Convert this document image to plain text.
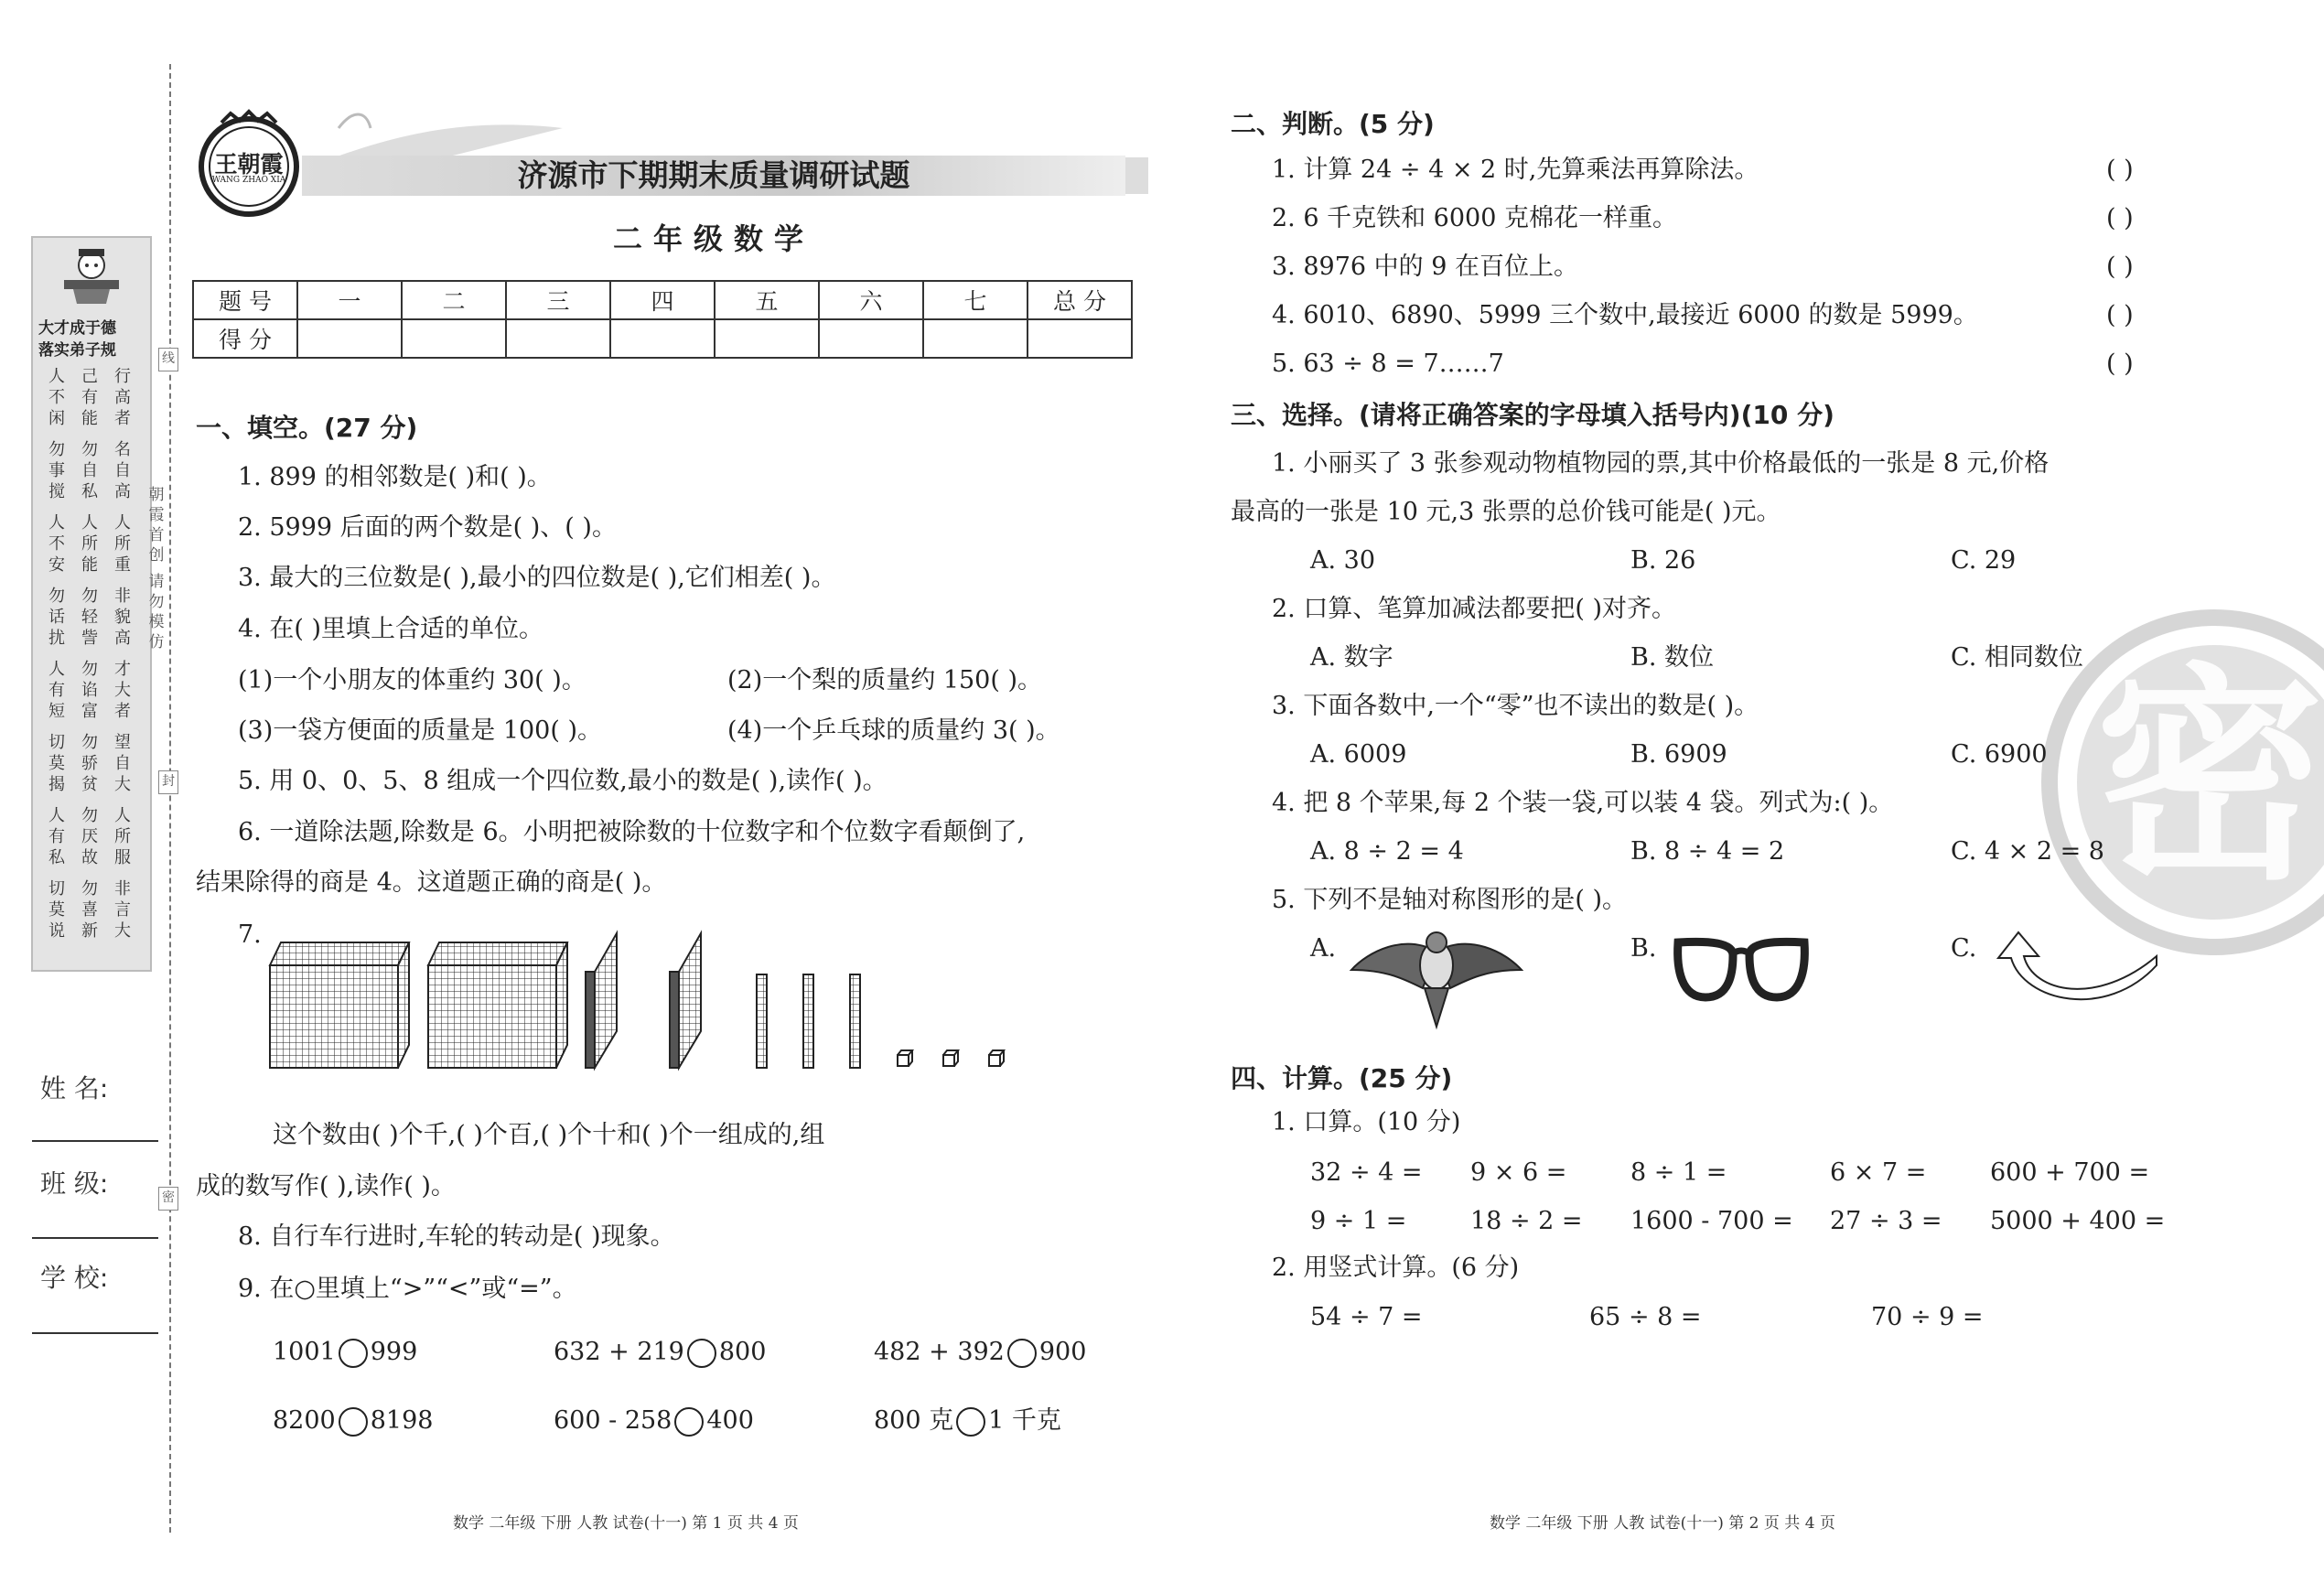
大才成于德
落实弟子规
行高者
己有能
人不闲
名自高
勿自私
勿事搅
人所重
人所能
人不安
非貌高
勿轻訾
勿话扰
才大者
勿谄富
人有短
望自大
勿骄贫
切莫揭
人所服
勿厌故
人有私
非言大
勿喜新
切莫说
朝霞首创
请勿模仿
线
封
密
姓 名:
班 级:
学 校:
王朝霞
WANG ZHAO XIA	济源市下期期末质量调研试题
二年级数学
题 号	一	二	三	四	五	六	七	总 分
得 分								
一、填空。(27 分)
1. 899 的相邻数是( )和( )。
2. 5999 后面的两个数是( )、( )。
3. 最大的三位数是( ),最小的四位数是( ),它们相差( )。
4. 在( )里填上合适的单位。
(1)一个小朋友的体重约 30( )。	(2)一个梨的质量约 150( )。
(3)一袋方便面的质量是 100( )。	(4)一个乒乓球的质量约 3( )。
5. 用 0、0、5、8 组成一个四位数,最小的数是( ),读作( )。
6. 一道除法题,除数是 6。小明把被除数的十位数字和个位数字看颠倒了,
结果除得的商是 4。这道题正确的商是( )。
7.
这个数由( )个千,( )个百,( )个十和( )个一组成的,组
成的数写作( ),读作( )。
8. 自行车行进时,车轮的转动是( )现象。
9. 在○里填上“>”“<”或“=”。
1001 999	632 + 219 800	482 + 392 900
8200 8198	600 - 258 400	800 克 1 千克
数学 二年级 下册 人教 试卷(十一) 第 1 页 共 4 页
密
二、判断。(5 分)
1. 计算 24 ÷ 4 × 2 时,先算乘法再算除法。	( )
2. 6 千克铁和 6000 克棉花一样重。	( )
3. 8976 中的 9 在百位上。	( )
4. 6010、6890、5999 三个数中,最接近 6000 的数是 5999。	( )
5. 63 ÷ 8 = 7……7	( )
三、选择。(请将正确答案的字母填入括号内)(10 分)
1. 小丽买了 3 张参观动物植物园的票,其中价格最低的一张是 8 元,价格
最高的一张是 10 元,3 张票的总价钱可能是( )元。
A. 30	B. 26	C. 29
2. 口算、笔算加减法都要把( )对齐。
A. 数字	B. 数位	C. 相同数位
3. 下面各数中,一个“零”也不读出的数是( )。
A. 6009	B. 6909	C. 6900
4. 把 8 个苹果,每 2 个装一袋,可以装 4 袋。列式为:( )。
A. 8 ÷ 2 = 4	B. 8 ÷ 4 = 2	C. 4 × 2 = 8
5. 下列不是轴对称图形的是( )。
A.	B.	C.
四、计算。(25 分)
1. 口算。(10 分)
32 ÷ 4 = 9 × 6 =	8 ÷ 1 =	6 × 7 =	600 + 700 =
9 ÷ 1 =	18 ÷ 2 = 1600 - 700 = 27 ÷ 3 = 5000 + 400 =
2. 用竖式计算。(6 分)
54 ÷ 7 =	65 ÷ 8 =	70 ÷ 9 =
数学 二年级 下册 人教 试卷(十一) 第 2 页 共 4 页
